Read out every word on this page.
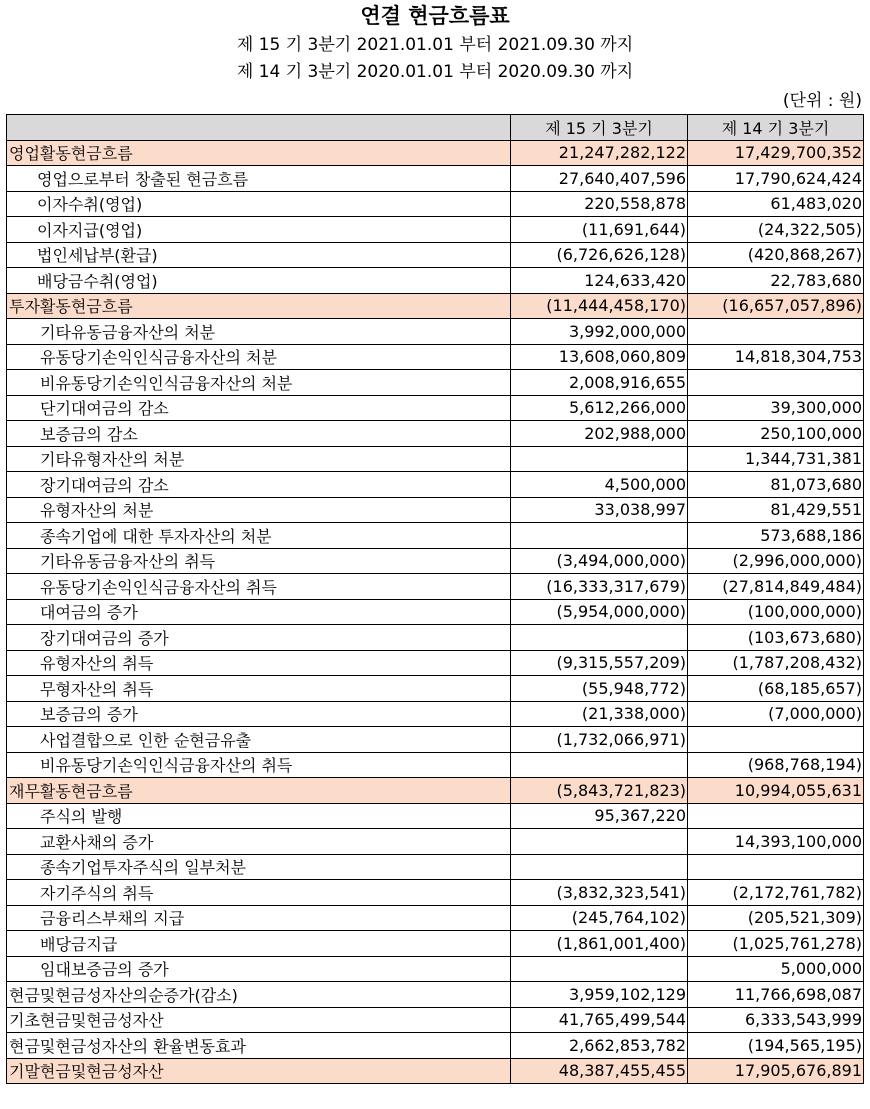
연결 현금흐름표
제 15 기 3분기 2021.01.01 부터 2021.09.30 까지
제 14 기 3분기 2020.01.01 부터 2020.09.30 까지
(단위 : 원)
	제 15 기 3분기	제 14 기 3분기
영업활동현금흐름	21,247,282,122	17,429,700,352
영업으로부터 창출된 현금흐름	27,640,407,596	17,790,624,424
이자수취(영업)	220,558,878	61,483,020
이자지급(영업)	(11,691,644)	(24,322,505)
법인세납부(환급)	(6,726,626,128)	(420,868,267)
배당금수취(영업)	124,633,420	22,783,680
투자활동현금흐름	(11,444,458,170)	(16,657,057,896)
기타유동금융자산의 처분	3,992,000,000	
유동당기손익인식금융자산의 처분	13,608,060,809	14,818,304,753
비유동당기손익인식금융자산의 처분	2,008,916,655	
단기대여금의 감소	5,612,266,000	39,300,000
보증금의 감소	202,988,000	250,100,000
기타유형자산의 처분		1,344,731,381
장기대여금의 감소	4,500,000	81,073,680
유형자산의 처분	33,038,997	81,429,551
종속기업에 대한 투자자산의 처분		573,688,186
기타유동금융자산의 취득	(3,494,000,000)	(2,996,000,000)
유동당기손익인식금융자산의 취득	(16,333,317,679)	(27,814,849,484)
대여금의 증가	(5,954,000,000)	(100,000,000)
장기대여금의 증가		(103,673,680)
유형자산의 취득	(9,315,557,209)	(1,787,208,432)
무형자산의 취득	(55,948,772)	(68,185,657)
보증금의 증가	(21,338,000)	(7,000,000)
사업결합으로 인한 순현금유출	(1,732,066,971)	
비유동당기손익인식금융자산의 취득		(968,768,194)
재무활동현금흐름	(5,843,721,823)	10,994,055,631
주식의 발행	95,367,220	
교환사채의 증가		14,393,100,000
종속기업투자주식의 일부처분		
자기주식의 취득	(3,832,323,541)	(2,172,761,782)
금융리스부채의 지급	(245,764,102)	(205,521,309)
배당금지급	(1,861,001,400)	(1,025,761,278)
임대보증금의 증가		5,000,000
현금및현금성자산의순증가(감소)	3,959,102,129	11,766,698,087
기초현금및현금성자산	41,765,499,544	6,333,543,999
현금및현금성자산의 환율변동효과	2,662,853,782	(194,565,195)
기말현금및현금성자산	48,387,455,455	17,905,676,891
